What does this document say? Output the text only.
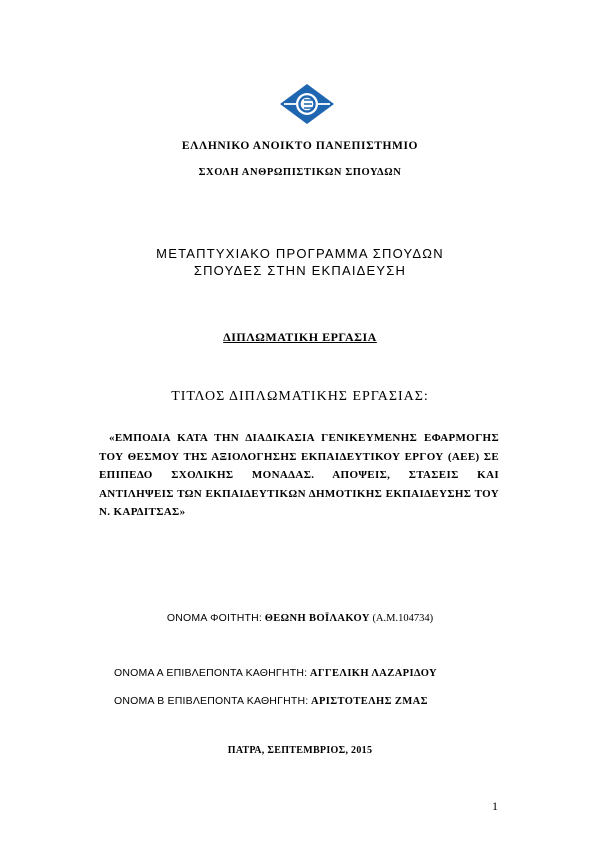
ΕΛΛΗΝΙΚΟ ΑΝΟΙΚΤΟ ΠΑΝΕΠΙΣΤΗΜΙΟ
ΣΧΟΛΗ ΑΝΘΡΩΠΙΣΤΙΚΩΝ ΣΠΟΥΔΩΝ
ΜΕΤΑΠΤΥΧΙΑΚΟ ΠΡΟΓΡΑΜΜΑ ΣΠΟΥΔΩΝ
ΣΠΟΥΔΕΣ ΣΤΗΝ ΕΚΠΑΙΔΕΥΣΗ
ΔΙΠΛΩΜΑΤΙΚΗ ΕΡΓΑΣΙΑ
ΤΙΤΛΟΣ ΔΙΠΛΩΜΑΤΙΚΗΣ ΕΡΓΑΣΙΑΣ:
«ΕΜΠΟΔΙΑ ΚΑΤΑ ΤΗΝ ΔΙΑΔΙΚΑΣΙΑ ΓΕΝΙΚΕΥΜΕΝΗΣ ΕΦΑΡΜΟΓΗΣ ΤΟΥ ΘΕΣΜΟΥ ΤΗΣ ΑΞΙΟΛΟΓΗΣΗΣ ΕΚΠΑΙΔΕΥΤΙΚΟΥ ΕΡΓΟΥ (ΑΕΕ) ΣΕ ΕΠΙΠΕΔΟ ΣΧΟΛΙΚΗΣ ΜΟΝΑΔΑΣ. ΑΠΟΨΕΙΣ, ΣΤΑΣΕΙΣ ΚΑΙ ΑΝΤΙΛΗΨΕΙΣ ΤΩΝ ΕΚΠΑΙΔΕΥΤΙΚΩΝ ΔΗΜΟΤΙΚΗΣ ΕΚΠΑΙΔΕΥΣΗΣ ΤΟΥ Ν. ΚΑΡΔΙΤΣΑΣ»
ΟΝΟΜΑ ΦΟΙΤΗΤΗ: ΘΕΩΝΗ ΒΟΪΛΑΚΟΥ (Α.Μ.104734)
ΟΝΟΜΑ Α ΕΠΙΒΛΕΠΟΝΤΑ ΚΑΘΗΓΗΤΗ: ΑΓΓΕΛΙΚΗ ΛΑΖΑΡΙΔΟΥ
ΟΝΟΜΑ Β ΕΠΙΒΛΕΠΟΝΤΑ ΚΑΘΗΓΗΤΗ: ΑΡΙΣΤΟΤΕΛΗΣ ΖΜΑΣ
ΠΑΤΡΑ, ΣΕΠΤΕΜΒΡΙΟΣ, 2015
1
